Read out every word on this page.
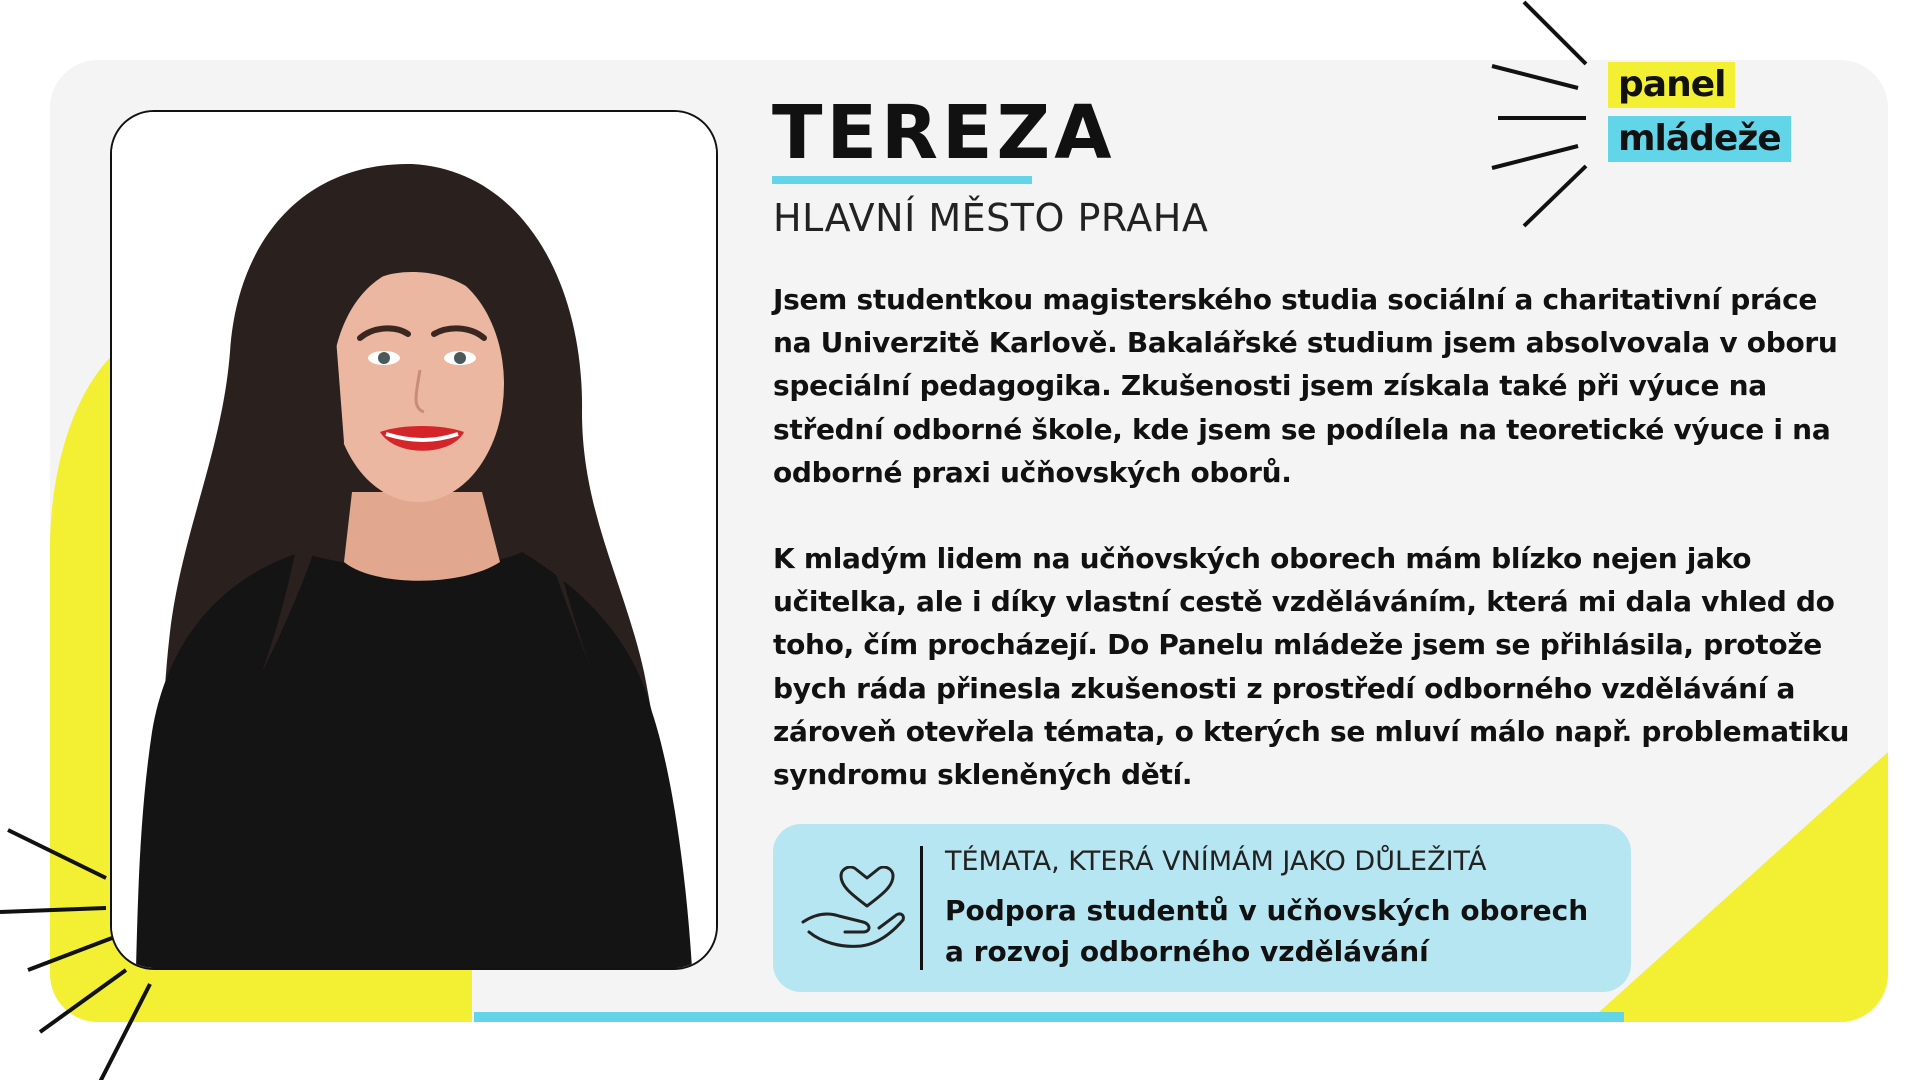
TEREZA
HLAVNÍ MĚSTO PRAHA

Jsem studentkou magisterského studia sociální a charitativní práce na Univerzitě Karlově. Bakalářské studium jsem absolvovala v oboru speciální pedagogika. Zkušenosti jsem získala také při výuce na střední odborné škole, kde jsem se podílela na teoretické výuce i na odborné praxi učňovských oborů.

K mladým lidem na učňovských oborech mám blízko nejen jako učitelka, ale i díky vlastní cestě vzděláváním, která mi dala vhled do toho, čím procházejí. Do Panelu mládeže jsem se přihlásila, protože bych ráda přinesla zkušenosti z prostředí odborného vzdělávání a zároveň otevřela témata, o kterých se mluví málo např. problematiku syndromu skleněných dětí.

TÉMATA, KTERÁ VNÍMÁM JAKO DŮLEŽITÁ
Podpora studentů v učňovských oborech
a rozvoj odborného vzdělávání
panel
mládeže
